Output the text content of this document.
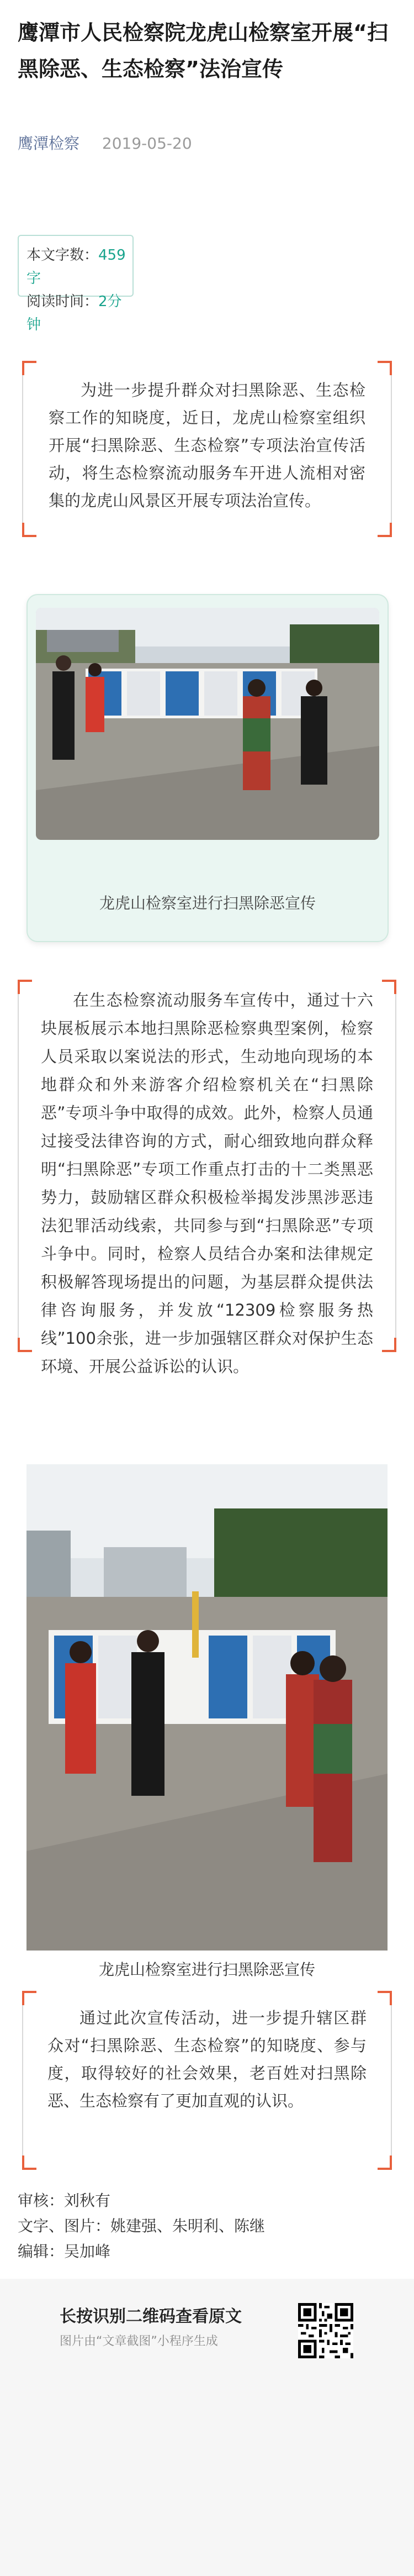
鹰潭市人民检察院龙虎山检察室开展“扫黑除恶、生态检察”法治宣传
鹰潭检察 2019-05-20
本文字数：459字
阅读时间：2分钟

为进一步提升群众对扫黑除恶、生态检察工作的知晓度，近日，龙虎山检察室组织开展“扫黑除恶、生态检察”专项法治宣传活动，将生态检察流动服务车开进人流相对密集的龙虎山风景区开展专项法治宣传。

龙虎山检察室进行扫黑除恶宣传

在生态检察流动服务车宣传中，通过十六块展板展示本地扫黑除恶检察典型案例，检察人员采取以案说法的形式，生动地向现场的本地群众和外来游客介绍检察机关在“扫黑除恶”专项斗争中取得的成效。此外，检察人员通过接受法律咨询的方式，耐心细致地向群众释明“扫黑除恶”专项工作重点打击的十二类黑恶势力，鼓励辖区群众积极检举揭发涉黑涉恶违法犯罪活动线索，共同参与到“扫黑除恶”专项斗争中。同时，检察人员结合办案和法律规定积极解答现场提出的问题，为基层群众提供法律咨询服务，并发放“12309检察服务热线”100余张，进一步加强辖区群众对保护生态环境、开展公益诉讼的认识。

龙虎山检察室进行扫黑除恶宣传

通过此次宣传活动，进一步提升辖区群众对“扫黑除恶、生态检察”的知晓度、参与度，取得较好的社会效果，老百姓对扫黑除恶、生态检察有了更加直观的认识。

审核：刘秋有
文字、图片：姚建强、朱明利、陈继
编辑：吴加峰
长按识别二维码查看原文
图片由“文章截图”小程序生成
